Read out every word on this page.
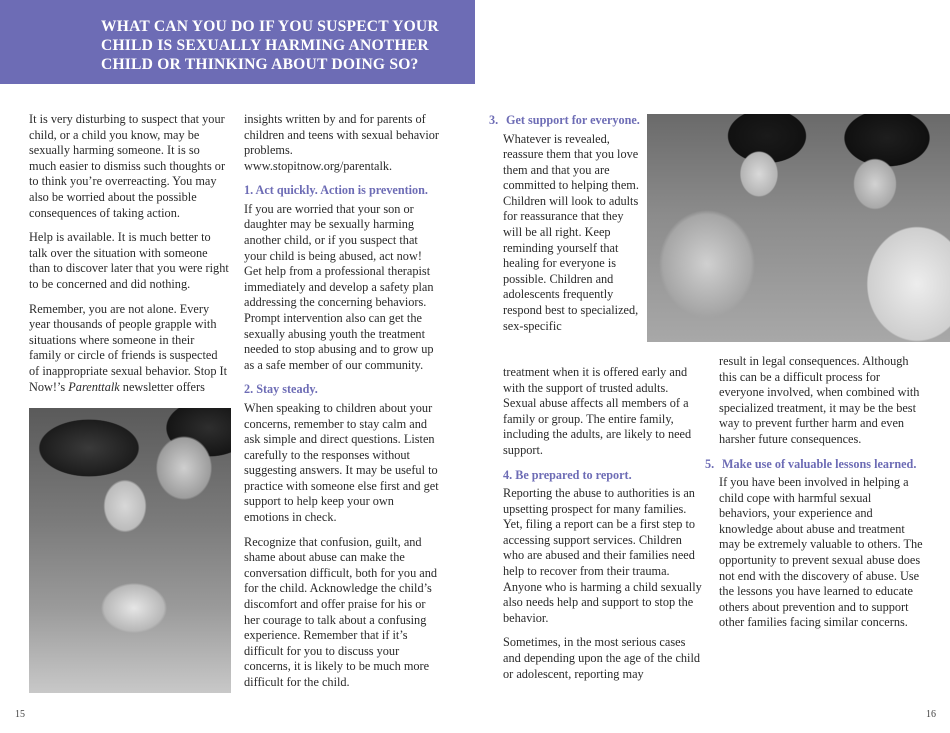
WHAT CAN YOU DO IF YOU SUSPECT YOUR
CHILD IS SEXUALLY HARMING ANOTHER
CHILD OR THINKING ABOUT DOING SO?

It is very disturbing to suspect that your child, or a child you know, may be sexually harming someone. It is so much easier to dismiss such thoughts or to think you’re overreacting. You may also be worried about the possible consequences of taking action.

Help is available. It is much better to talk over the situation with someone than to discover later that you were right to be concerned and did nothing.

Remember, you are not alone. Every year thousands of people grapple with situations where someone in their family or circle of friends is suspected of inappropriate sexual behavior. Stop It Now!’s Parenttalk newsletter offers

insights written by and for parents of children and teens with sexual behavior problems. www.stopitnow.org/parentalk.

1. Act quickly. Action is prevention.

If you are worried that your son or daughter may be sexually harming another child, or if you suspect that your child is being abused, act now! Get help from a professional therapist immediately and develop a safety plan addressing the concerning behaviors. Prompt intervention also can get the sexually abusing youth the treatment needed to stop abusing and to grow up as a safe member of our community.

2. Stay steady.

When speaking to children about your concerns, remember to stay calm and ask simple and direct questions. Listen carefully to the responses without suggesting answers. It may be useful to practice with someone else first and get support to help keep your own emotions in check.

Recognize that confusion, guilt, and shame about abuse can make the conversation difficult, both for you and for the child. Acknowledge the child’s discomfort and offer praise for his or her courage to talk about a confusing experience. Remember that if it’s difficult for you to discuss your concerns, it is likely to be much more difficult for the child.

3. Get support for everyone.

Whatever is revealed, reassure them that you love them and that you are committed to helping them. Children will look to adults for reassurance that they will be all right. Keep reminding yourself that healing for everyone is possible. Children and adolescents frequently respond best to specialized, sex-specific

treatment when it is offered early and with the support of trusted adults. Sexual abuse affects all members of a family or group. The entire family, including the adults, are likely to need support.

4. Be prepared to report.

Reporting the abuse to authorities is an upsetting prospect for many families. Yet, filing a report can be a first step to accessing support services. Children who are abused and their families need help to recover from their trauma. Anyone who is harming a child sexually also needs help and support to stop the behavior.

Sometimes, in the most serious cases and depending upon the age of the child or adolescent, reporting may

result in legal consequences. Although this can be a difficult process for everyone involved, when combined with specialized treatment, it may be the best way to prevent further harm and even harsher future consequences.

5. Make use of valuable lessons learned.

If you have been involved in helping a child cope with harmful sexual behaviors, your experience and knowledge about abuse and treatment may be extremely valuable to others. The opportunity to prevent sexual abuse does not end with the discovery of abuse. Use the lessons you have learned to educate others about prevention and to support other families facing similar concerns.

15	16
